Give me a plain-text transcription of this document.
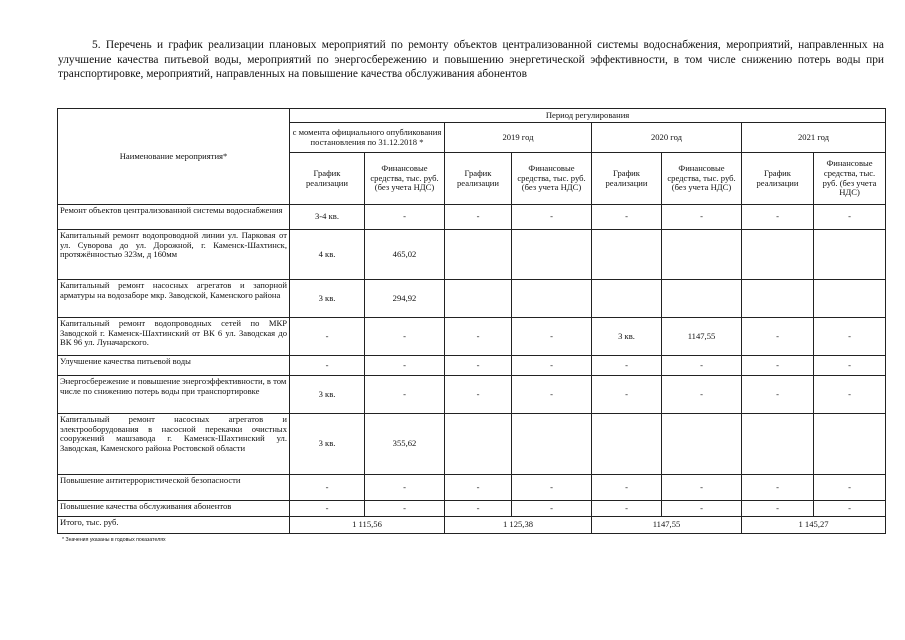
5. Перечень и график реализации плановых мероприятий по ремонту объектов централизованной системы водоснабжения, мероприятий, направленных на улучшение качества питьевой воды, мероприятий по энергосбережению и повышению энергетической эффективности, в том числе снижению потерь воды при транспортировке, мероприятий, направленных на повышение качества обслуживания абонентов
Наименование мероприятия*	Период регулирования							
	с момента официального опубликования постановления по 31.12.2018 *		2019 год		2020 год		2021 год	
	График реализации	Финансовые средства, тыс. руб. (без учета НДС)	График реализации	Финансовые средства, тыс. руб. (без учета НДС)	График реализации	Финансовые средства, тыс. руб. (без учета НДС)	График реализации	Финансовые средства, тыс. руб. (без учета НДС)
Ремонт объектов централизованной системы водоснабжения	3-4 кв.	-	-	-	-	-	-	-
Капитальный ремонт водопроводной линии ул. Парковая от ул. Суворова до ул. Дорожной, г. Каменск-Шахтинск, протяжённостью 323м, д 160мм	4 кв.	465,02						
Капитальный ремонт насосных агрегатов и запорной арматуры на водозаборе мкр. Заводской, Каменского района	3 кв.	294,92						
Капитальный ремонт водопроводных сетей по МКР Заводской г. Каменск-Шахтинский от ВК 6 ул. Заводская до ВК 96 ул. Луначарского.	-	-	-	-	3 кв.	1147,55	-	-
Улучшение качества питьевой воды	-	-	-	-	-	-	-	-
Энергосбережение и повышение энергоэффективности, в том числе по снижению потерь воды при транспортировке	3 кв.	-	-	-	-	-	-	-
Капитальный ремонт насосных агрегатов и электрооборудования в насосной перекачки очистных сооружений машзавода г. Каменск-Шахтинский ул. Заводская, Каменского района Ростовской области	3 кв.	355,62						
Повышение антитеррористической безопасности	-	-	-	-	-	-	-	-
Повышение качества обслуживания абонентов	-	-	-	-	-	-	-	-
Итого, тыс. руб.	1 115,56		1 125,38		1147,55		1 145,27	
* Значения указаны в годовых показателях
